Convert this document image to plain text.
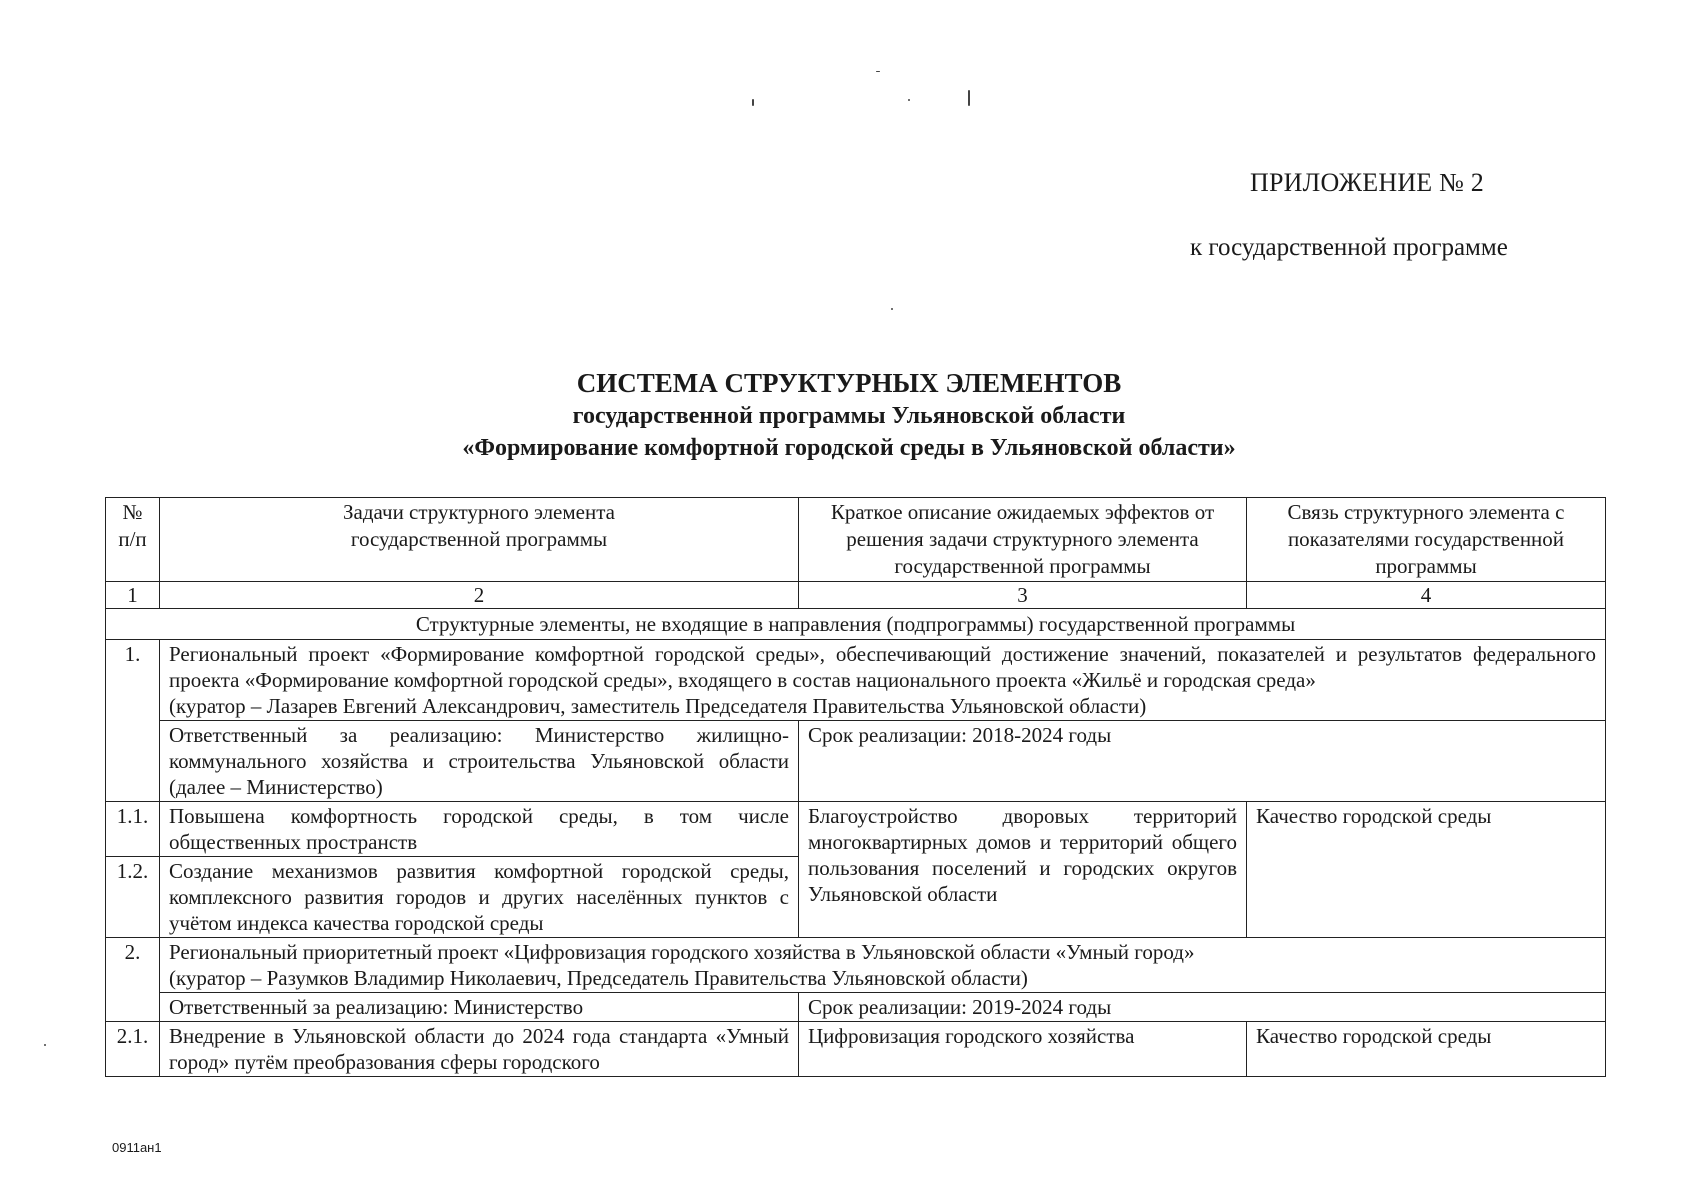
ПРИЛОЖЕНИЕ № 2
к государственной программе
СИСТЕМА СТРУКТУРНЫХ ЭЛЕМЕНТОВ
государственной программы Ульяновской области
«Формирование комфортной городской среды в Ульяновской области»
№ п/п	Задачи структурного элемента государственной программы	Краткое описание ожидаемых эффектов от решения задачи структурного элемента государственной программы	Связь структурного элемента с показателями государственной программы
1	2	3	4
Структурные элементы, не входящие в направления (подпрограммы) государственной программы			
1.	Региональный проект «Формирование комфортной городской среды», обеспечивающий достижение значений, показателей и результатов федерального проекта «Формирование комфортной городской среды», входящего в состав национального проекта «Жильё и городская среда»
(куратор – Лазарев Евгений Александрович, заместитель Председателя Правительства Ульяновской области)		

	Ответственный за реализацию: Министерство жилищно-коммунального хозяйства и строительства Ульяновской области (далее – Министерство)	Срок реализации: 2018-2024 годы	
1.1.	Повышена комфортность городской среды, в том числе общественных пространств	Благоустройство дворовых территорий многоквартирных домов и территорий общего пользования поселений и городских округов Ульяновской области	Качество городской среды
1.2.	Создание механизмов развития комфортной городской среды, комплексного развития городов и других населённых пунктов с учётом индекса качества городской среды		
2.	Региональный приоритетный проект «Цифровизация городского хозяйства в Ульяновской области «Умный город»
(куратор – Разумков Владимир Николаевич, Председатель Правительства Ульяновской области)		

	Ответственный за реализацию: Министерство	Срок реализации: 2019-2024 годы	
2.1.	Внедрение в Ульяновской области до 2024 года стандарта «Умный город» путём преобразования сферы городского	Цифровизация городского хозяйства	Качество городской среды
0911ан1
